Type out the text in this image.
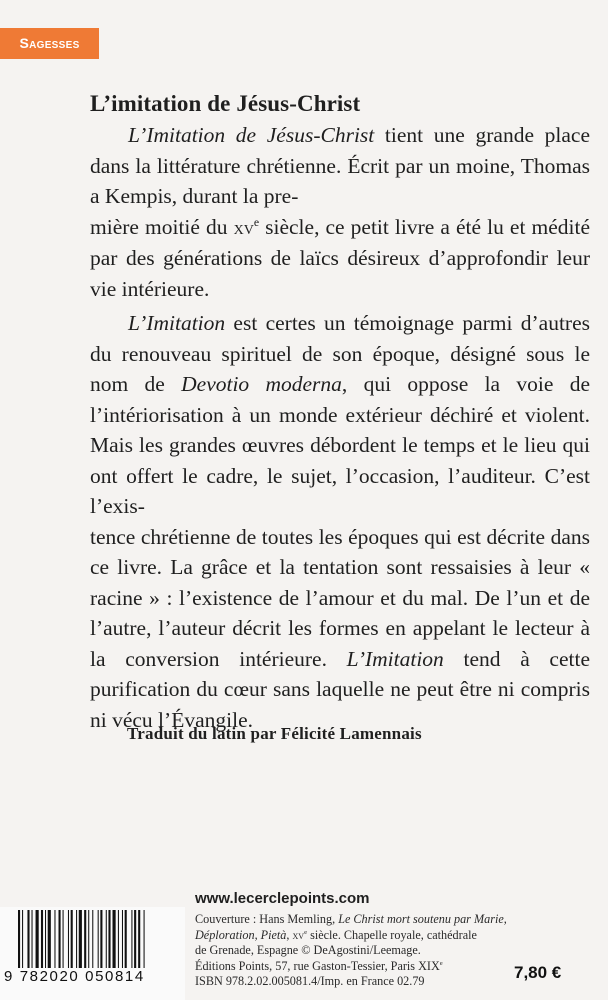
Sagesses
L’imitation de Jésus-Christ

L’Imitation de Jésus-Christ tient une grande place dans la littérature chrétienne. Écrit par un moine, Thomas a Kempis, durant la pre-
mière moitié du $xv^e$ siècle, ce petit livre a été lu et médité par des générations de laïcs désireux d’approfondir leur vie intérieure.

L’Imitation est certes un témoignage parmi d’autres du renouveau spirituel de son époque, désigné sous le nom de Devotio moderna, qui oppose la voie de l’intériorisation à un monde extérieur déchiré et violent. Mais les grandes œuvres débordent le temps et le lieu qui ont offert le cadre, le sujet, l’occasion, l’auditeur. C’est l’exis-
tence chrétienne de toutes les époques qui est décrite dans ce livre. La grâce et la tentation sont ressaisies à leur « racine » : l’existence de l’amour et du mal. De l’un et de l’autre, l’auteur décrit les formes en appelant le lecteur à la conversion intérieure. L’Imitation tend à cette purification du cœur sans laquelle ne peut être ni compris ni vécu l’Évangile.

Traduit du latin par Félicité Lamennais
www.lecerclepoints.com
Couverture : Hans Memling, Le Christ mort soutenu par Marie,
Déploration, Pietà, $xv^e$ siècle. Chapelle royale, cathédrale
de Grenade, Espagne © DeAgostini/Leemage.
Éditions Points, 57, rue Gaston-Tessier, Paris XIXe
ISBN 978.2.02.005081.4/Imp. en France 02.79	7,80 €
9 782020 050814
